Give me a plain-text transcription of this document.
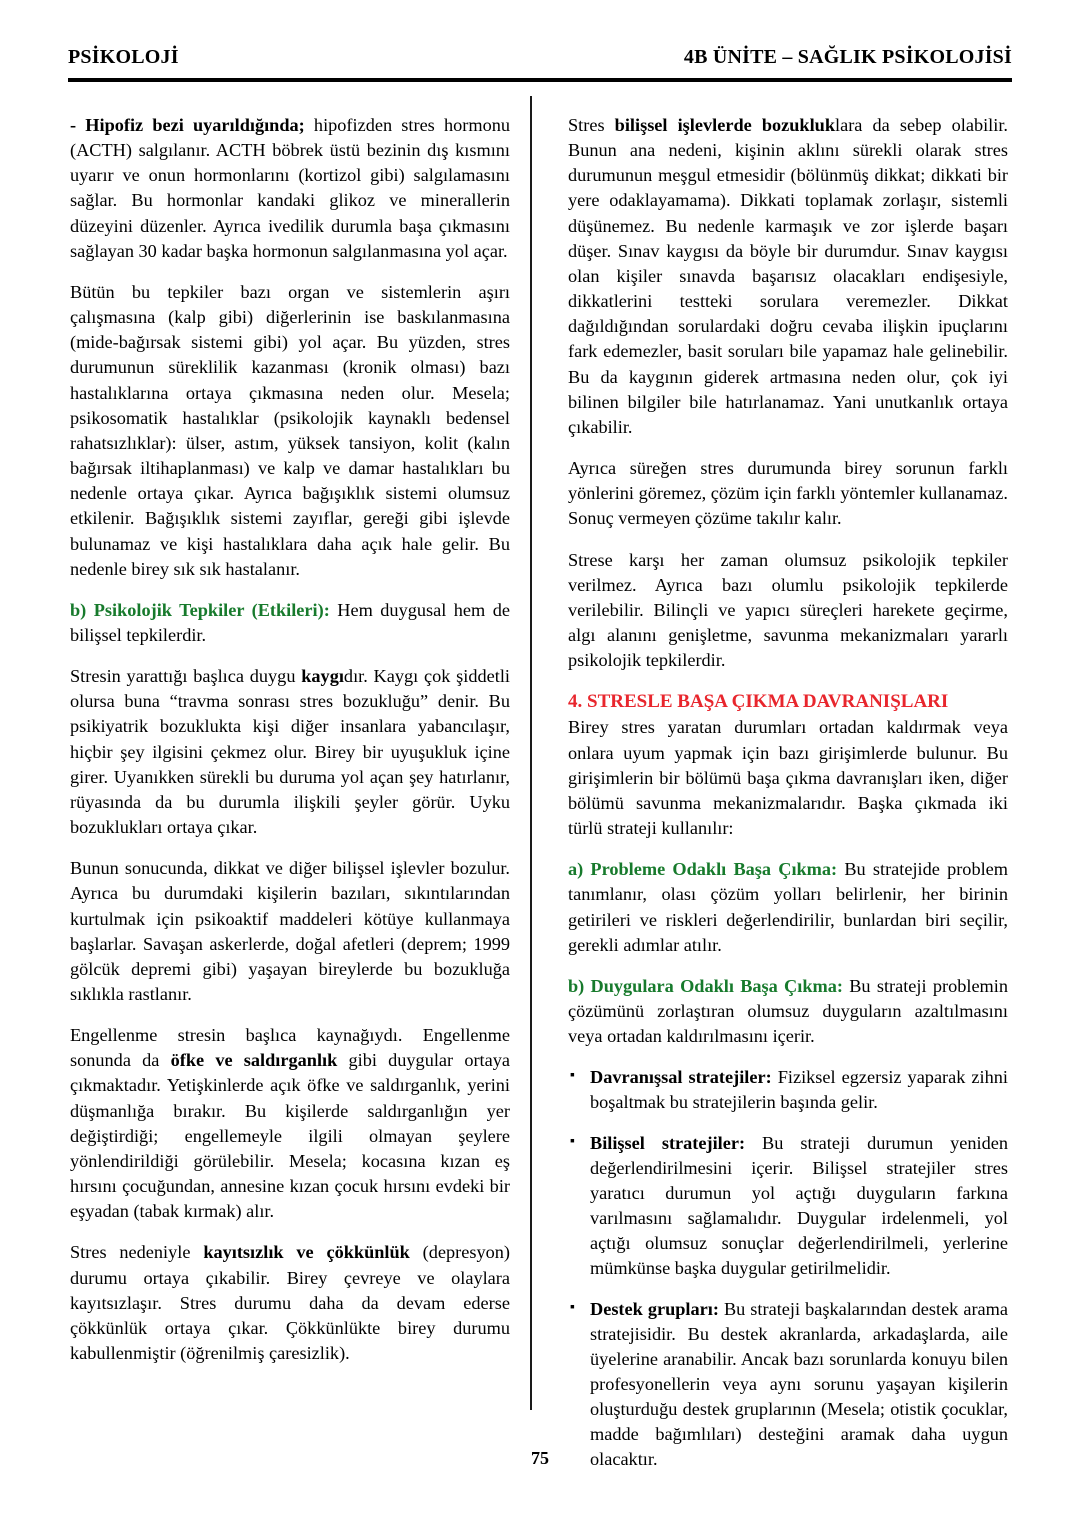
PSİKOLOJİ	4B ÜNİTE – SAĞLIK PSİKOLOJİSİ

- Hipofiz bezi uyarıldığında; hipofizden stres hormonu (ACTH) salgılanır. ACTH böbrek üstü bezinin dış kısmını uyarır ve onun hormonlarını (kortizol gibi) salgılamasını sağlar. Bu hormonlar kandaki glikoz ve minerallerin düzeyini düzenler. Ayrıca ivedilik durumla başa çıkmasını sağlayan 30 kadar başka hormonun salgılanmasına yol açar.

Bütün bu tepkiler bazı organ ve sistemlerin aşırı çalışmasına (kalp gibi) diğerlerinin ise baskılanmasına (mide-bağırsak sistemi gibi) yol açar. Bu yüzden, stres durumunun süreklilik kazanması (kronik olması) bazı hastalıklarına ortaya çıkmasına neden olur. Mesela; psikosomatik hastalıklar (psikolojik kaynaklı bedensel rahatsızlıklar): ülser, astım, yüksek tansiyon, kolit (kalın bağırsak iltihaplanması) ve kalp ve damar hastalıkları bu nedenle ortaya çıkar. Ayrıca bağışıklık sistemi olumsuz etkilenir. Bağışıklık sistemi zayıflar, gereği gibi işlevde bulunamaz ve kişi hastalıklara daha açık hale gelir. Bu nedenle birey sık sık hastalanır.

b) Psikolojik Tepkiler (Etkileri): Hem duygusal hem de bilişsel tepkilerdir.

Stresin yarattığı başlıca duygu kaygıdır. Kaygı çok şiddetli olursa buna “travma sonrası stres bozukluğu” denir. Bu psikiyatrik bozuklukta kişi diğer insanlara yabancılaşır, hiçbir şey ilgisini çekmez olur. Birey bir uyuşukluk içine girer. Uyanıkken sürekli bu duruma yol açan şey hatırlanır, rüyasında da bu durumla ilişkili şeyler görür. Uyku bozuklukları ortaya çıkar.

Bunun sonucunda, dikkat ve diğer bilişsel işlevler bozulur. Ayrıca bu durumdaki kişilerin bazıları, sıkıntılarından kurtulmak için psikoaktif maddeleri kötüye kullanmaya başlarlar. Savaşan askerlerde, doğal afetleri (deprem; 1999 gölcük depremi gibi) yaşayan bireylerde bu bozukluğa sıklıkla rastlanır.

Engellenme stresin başlıca kaynağıydı. Engellenme sonunda da öfke ve saldırganlık gibi duygular ortaya çıkmaktadır. Yetişkinlerde açık öfke ve saldırganlık, yerini düşmanlığa bırakır. Bu kişilerde saldırganlığın yer değiştirdiği; engellemeyle ilgili olmayan şeylere yönlendirildiği görülebilir. Mesela; kocasına kızan eş hırsını çocuğundan, annesine kızan çocuk hırsını evdeki bir eşyadan (tabak kırmak) alır.

Stres nedeniyle kayıtsızlık ve çökkünlük (depresyon) durumu ortaya çıkabilir. Birey çevreye ve olaylara kayıtsızlaşır. Stres durumu daha da devam ederse çökkünlük ortaya çıkar. Çökkünlükte birey durumu kabullenmiştir (öğrenilmiş çaresizlik).

Stres bilişsel işlevlerde bozukluklara da sebep olabilir. Bunun ana nedeni, kişinin aklını sürekli olarak stres durumunun meşgul etmesidir (bölünmüş dikkat; dikkati bir yere odaklayamama). Dikkati toplamak zorlaşır, sistemli düşünemez. Bu nedenle karmaşık ve zor işlerde başarı düşer. Sınav kaygısı da böyle bir durumdur. Sınav kaygısı olan kişiler sınavda başarısız olacakları endişesiyle, dikkatlerini testteki sorulara veremezler. Dikkat dağıldığından sorulardaki doğru cevaba ilişkin ipuçlarını fark edemezler, basit soruları bile yapamaz hale gelinebilir. Bu da kaygının giderek artmasına neden olur, çok iyi bilinen bilgiler bile hatırlanamaz. Yani unutkanlık ortaya çıkabilir.

Ayrıca süreğen stres durumunda birey sorunun farklı yönlerini göremez, çözüm için farklı yöntemler kullanamaz. Sonuç vermeyen çözüme takılır kalır.

Strese karşı her zaman olumsuz psikolojik tepkiler verilmez. Ayrıca bazı olumlu psikolojik tepkilerde verilebilir. Bilinçli ve yapıcı süreçleri harekete geçirme, algı alanını genişletme, savunma mekanizmaları yararlı psikolojik tepkilerdir.

4. STRESLE BAŞA ÇIKMA DAVRANIŞLARI

Birey stres yaratan durumları ortadan kaldırmak veya onlara uyum yapmak için bazı girişimlerde bulunur. Bu girişimlerin bir bölümü başa çıkma davranışları iken, diğer bölümü savunma mekanizmalarıdır. Başka çıkmada iki türlü strateji kullanılır:

a) Probleme Odaklı Başa Çıkma: Bu stratejide problem tanımlanır, olası çözüm yolları belirlenir, her birinin getirileri ve riskleri değerlendirilir, bunlardan biri seçilir, gerekli adımlar atılır.

b) Duygulara Odaklı Başa Çıkma: Bu strateji problemin çözümünü zorlaştıran olumsuz duyguların azaltılmasını veya ortadan kaldırılmasını içerir.

▪ Davranışsal stratejiler: Fiziksel egzersiz yaparak zihni boşaltmak bu stratejilerin başında gelir.
▪ Bilişsel stratejiler: Bu strateji durumun yeniden değerlendirilmesini içerir. Bilişsel stratejiler stres yaratıcı durumun yol açtığı duyguların farkına varılmasını sağlamalıdır. Duygular irdelenmeli, yol açtığı olumsuz sonuçlar değerlendirilmeli, yerlerine mümkünse başka duygular getirilmelidir.
▪ Destek grupları: Bu strateji başkalarından destek arama stratejisidir. Bu destek akranlarda, arkadaşlarda, aile üyelerine aranabilir. Ancak bazı sorunlarda konuyu bilen profesyonellerin veya aynı sorunu yaşayan kişilerin oluşturduğu destek gruplarının (Mesela; otistik çocuklar, madde bağımlıları) desteğini aramak daha uygun olacaktır.
75
